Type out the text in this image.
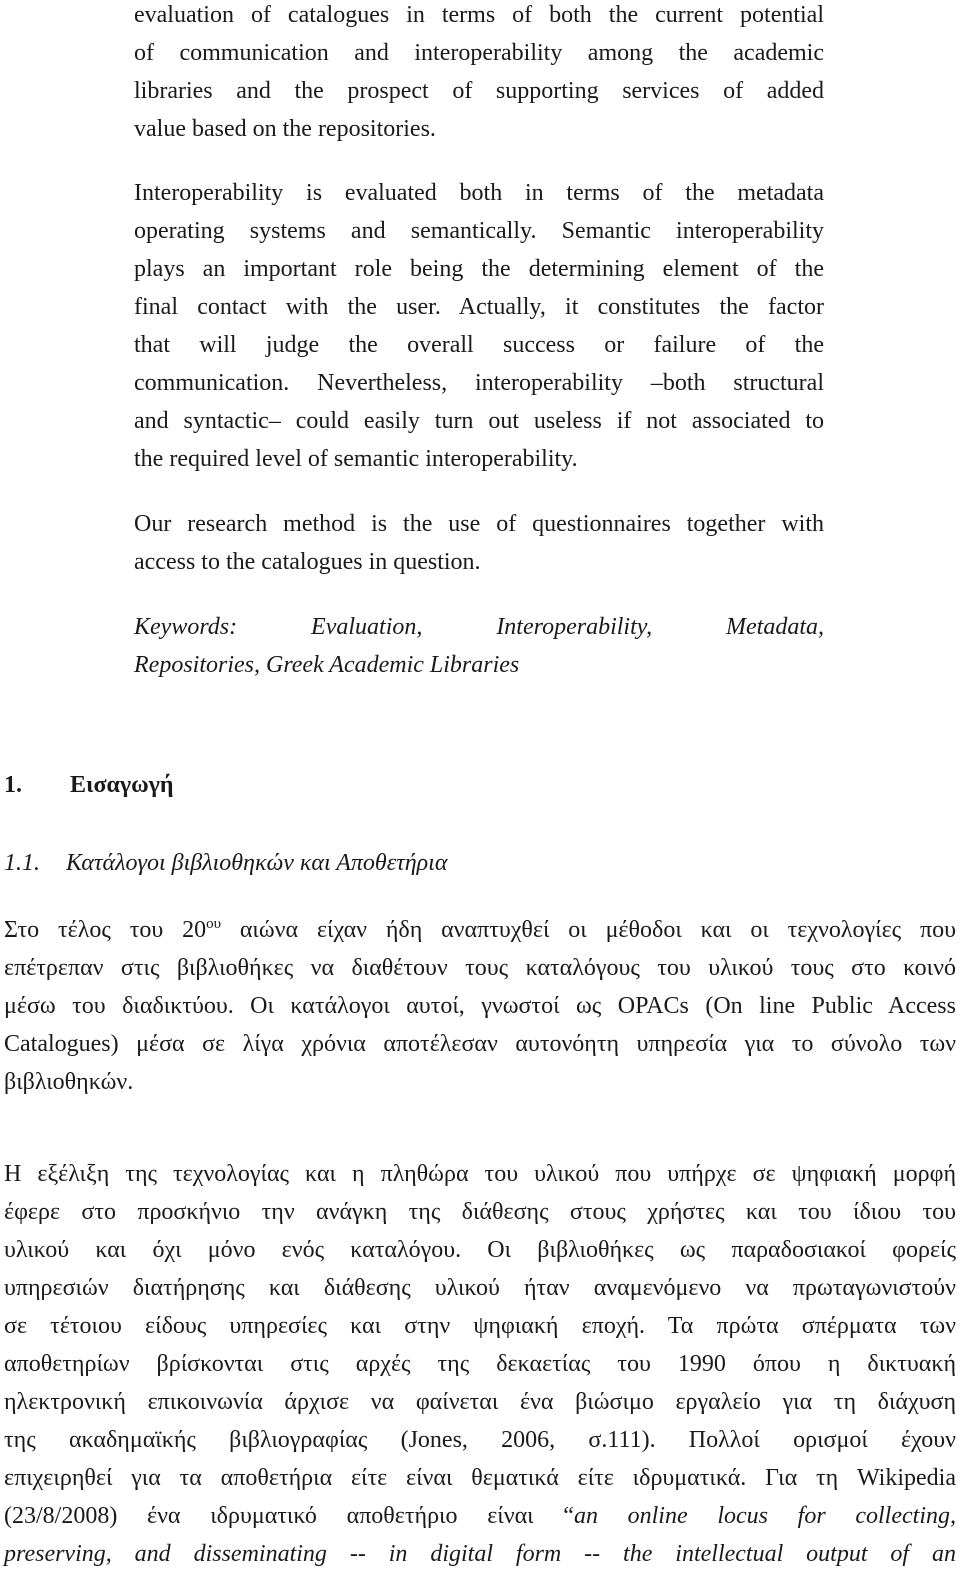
evaluation of catalogues in terms of both the current potential
of communication and interoperability among the academic
libraries and the prospect of supporting services of added
value based on the repositories.
Interoperability is evaluated both in terms of the metadata
operating systems and semantically. Semantic interoperability
plays an important role being the determining element of the
final contact with the user. Actually, it constitutes the factor
that will judge the overall success or failure of the
communication. Nevertheless, interoperability –both structural
and syntactic– could easily turn out useless if not associated to
the required level of semantic interoperability.
Our research method is the use of questionnaires together with
access to the catalogues in question.
Keywords: Evaluation, Interoperability, Metadata,
Repositories, Greek Academic Libraries
1. Εισαγωγή
1.1. Κατάλογοι βιβλιοθηκών και Αποθετήρια
Στο τέλος του $20^{o\upsilon}$ αιώνα είχαν ήδη αναπτυχθεί οι μέθοδοι και οι τεχνολογίες που
επέτρεπαν στις βιβλιοθήκες να διαθέτουν τους καταλόγους του υλικού τους στο κοινό
μέσω του διαδικτύου. Οι κατάλογοι αυτοί, γνωστοί ως OPACs (On line Public Access
Catalogues) μέσα σε λίγα χρόνια αποτέλεσαν αυτονόητη υπηρεσία για το σύνολο των
βιβλιοθηκών.
Η εξέλιξη της τεχνολογίας και η πληθώρα του υλικού που υπήρχε σε ψηφιακή μορφή
έφερε στο προσκήνιο την ανάγκη της διάθεσης στους χρήστες και του ίδιου του
υλικού και όχι μόνο ενός καταλόγου. Οι βιβλιοθήκες ως παραδοσιακοί φορείς
υπηρεσιών διατήρησης και διάθεσης υλικού ήταν αναμενόμενο να πρωταγωνιστούν
σε τέτοιου είδους υπηρεσίες και στην ψηφιακή εποχή. Τα πρώτα σπέρματα των
αποθετηρίων βρίσκονται στις αρχές της δεκαετίας του 1990 όπου η δικτυακή
ηλεκτρονική επικοινωνία άρχισε να φαίνεται ένα βιώσιμο εργαλείο για τη διάχυση
της ακαδημαϊκής βιβλιογραφίας (Jones, 2006, σ.111). Πολλοί ορισμοί έχουν
επιχειρηθεί για τα αποθετήρια είτε είναι θεματικά είτε ιδρυματικά. Για τη Wikipedia
(23/8/2008) ένα ιδρυματικό αποθετήριο είναι “an online locus for collecting,
preserving, and disseminating -- in digital form -- the intellectual output of an
